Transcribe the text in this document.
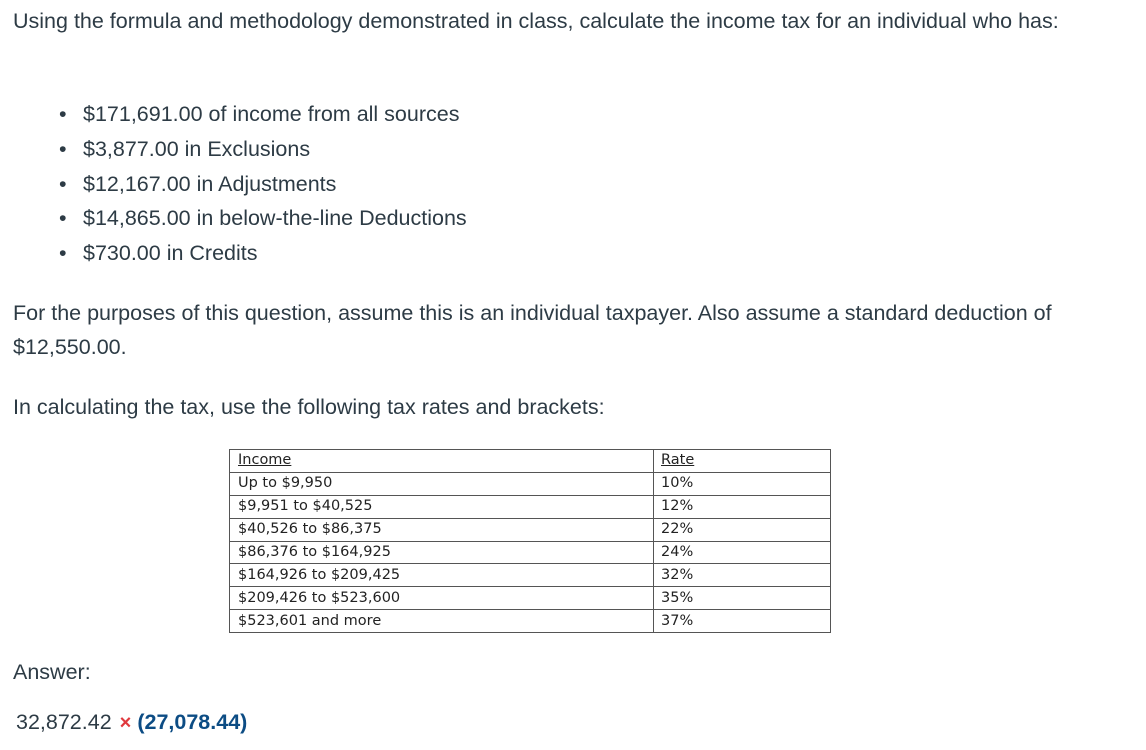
Using the formula and methodology demonstrated in class, calculate the income tax for an individual who has:

• $171,691.00 of income from all sources
• $3,877.00 in Exclusions
• $12,167.00 in Adjustments
• $14,865.00 in below-the-line Deductions
• $730.00 in Credits

For the purposes of this question, assume this is an individual taxpayer. Also assume a standard deduction of $12,550.00.

In calculating the tax, use the following tax rates and brackets:

Income	Rate
Up to $9,950	10%
$9,951 to $40,525	12%
$40,526 to $86,375	22%
$86,376 to $164,925	24%
$164,926 to $209,425	32%
$209,426 to $523,600	35%
$523,601 and more	37%

Answer:

32,872.42 × (27,078.44)
